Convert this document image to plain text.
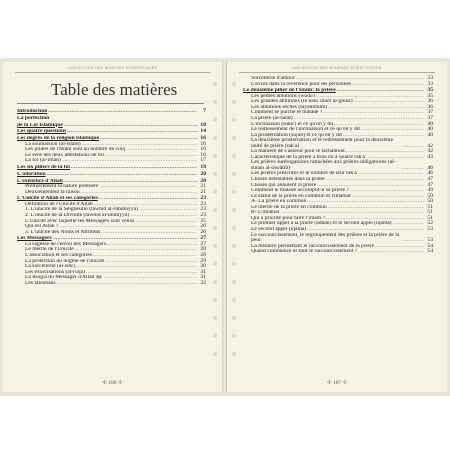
COLLECTION DES BOURSES SCIENTIFIQUES
❁
❁
❁
❁
❁
❁
❁
❁
❁
❁
❁
❁
❁
❁
❁
❁
Table des matières
Introduction .....	7
La perfection
de la Loi Islamique .....	10
Les quatre questions .....	14
Les degrés de la religion islamique .....	16
La soumission (al-islâm) .....	16
Les piliers de l'Islam sont au nombre de cinq .....	16
Le sens des deux attestations de foi .....	16
La foi (al-îmân) .....	17
Les six piliers de la foi .....	18
L'adoration .....	20
L'existence d'Allah .....	20
Premièrement la nature première .....	21
Deuxièmement la raison .....	21
L'Unicité d'Allah et ses catégories .....	23
Définition de l'Unicité d'Allah .....	23
1. L'unicité de la Seigneurie (tawhîd al-rubûbiyya) .....	23
2. L'unicité de la Divinité (tawhîd al-ulûhiyya) .....	23
L'Unicité avec laquelle les Messagers sont venus .....	25
Qui est Allah ? .....	26
3. L'unicité des Noms et Attributs .....	26
Les Messagers .....	27
La sagesse de l'envoi des Messagers .....	27
Le mérite de l'Unicité .....	28
L'association et ses catégories .....	28
La protection du dogme de l'unicité .....	29
La sorcellerie (al-sihr) .....	30
Les exorcisations (al-ruqâ) .....	31
La Ruqya du Messager d'Allah ﷺ .....	31
Les talismans .....	32
✤ 186 ✤
COLLECTION DES BOURSES SCIENTIFIQUES
❁
❁
❁
❁
❁
❁
❁
❁
❁
❁
❁
❁
❁
❁
❁
❁
Sorcellerie d'amour .....	33
L'excès dans la révérence pour les personnes .....	33
Le deuxième pilier de l'Islam: la prière .....	35
Les petites ablutions (wudû') .....	35
Les grandes ablutions (le bain rituel al-ghusl) .....	36
Les ablutions sèches (tayammum) .....	36
Comment se purifie le malade ? .....	37
La prière (al-salât) .....	37
L'inclinaison (rukû') et ce qu'on y dit .....	40
Le redressement de l'inclinaison et ce qu'on y dit .....	40
La prosternation (sujûd) et ce qu'on y dit .....	40
La deuxième prosternation et le redressement pour la deuxième unité de prière (rak'a) .....	42
La manière de s'asseoir pour le tachahhud .....	42
Caractéristique de la prière à trois ou à quatre rak'a .....	43
Les prières surérogatoires rattachées aux prières obligatoires (al-sunan al-rawâtib) .....	46
Les prières prescrites et le nombre de leur rak'a .....	46
Choses détestables dans la prière .....	47
Choses qui annulent la prière .....	47
Comment le malade accomplit-il sa prière ? .....	49
Le statut de la prière en commun et l'imamat .....	50
A- La prière en commun .....	50
Le mérite de la prière en commun .....	51
B- L'imamat .....	51
Qui a priorité pour faire l'imam ? .....	51
Le premier appel à la prière (adhân) et le second appel (iqâma) .....	52
Le second appel (iqâma) .....	53
Le raccourcissement, le regroupement des prières et la prière de la peur .....	53
La distance permettant le raccourcissement de la prière .....	54
Quand commence et finit le raccourcissement ? .....	54
✤ 187 ✤
